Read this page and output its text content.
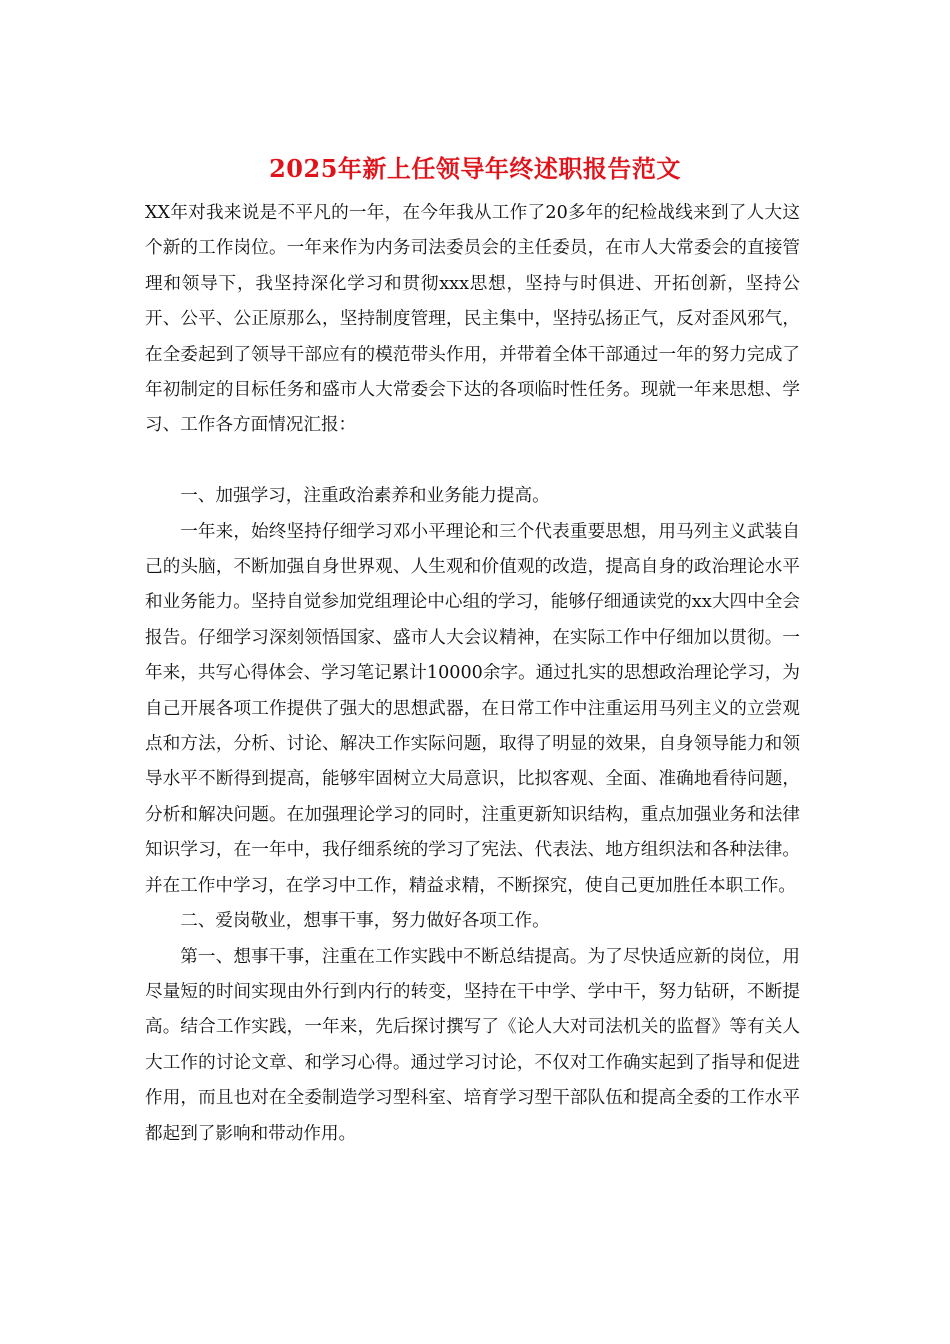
2025年新上任领导年终述职报告范文

XX年对我来说是不平凡的一年，在今年我从工作了20多年的纪检战线来到了人大这个新的工作岗位。一年来作为内务司法委员会的主任委员，在市人大常委会的直接管理和领导下，我坚持深化学习和贯彻xxx思想，坚持与时俱进、开拓创新，坚持公开、公平、公正原那么，坚持制度管理，民主集中，坚持弘扬正气，反对歪风邪气，在全委起到了领导干部应有的模范带头作用，并带着全体干部通过一年的努力完成了年初制定的目标任务和盛市人大常委会下达的各项临时性任务。现就一年来思想、学习、工作各方面情况汇报：

一、加强学习，注重政治素养和业务能力提高。

一年来，始终坚持仔细学习邓小平理论和三个代表重要思想，用马列主义武装自己的头脑，不断加强自身世界观、人生观和价值观的改造，提高自身的政治理论水平和业务能力。坚持自觉参加党组理论中心组的学习，能够仔细通读党的xx大四中全会报告。仔细学习深刻领悟国家、盛市人大会议精神，在实际工作中仔细加以贯彻。一年来，共写心得体会、学习笔记累计10000余字。通过扎实的思想政治理论学习，为自己开展各项工作提供了强大的思想武器，在日常工作中注重运用马列主义的立尝观点和方法，分析、讨论、解决工作实际问题，取得了明显的效果，自身领导能力和领导水平不断得到提高，能够牢固树立大局意识，比拟客观、全面、准确地看待问题，分析和解决问题。在加强理论学习的同时，注重更新知识结构，重点加强业务和法律知识学习，在一年中，我仔细系统的学习了宪法、代表法、地方组织法和各种法律。并在工作中学习，在学习中工作，精益求精，不断探究，使自己更加胜任本职工作。

二、爱岗敬业，想事干事，努力做好各项工作。

第一、想事干事，注重在工作实践中不断总结提高。为了尽快适应新的岗位，用尽量短的时间实现由外行到内行的转变，坚持在干中学、学中干，努力钻研，不断提高。结合工作实践，一年来，先后探讨撰写了《论人大对司法机关的监督》等有关人大工作的讨论文章、和学习心得。通过学习讨论，不仅对工作确实起到了指导和促进作用，而且也对在全委制造学习型科室、培育学习型干部队伍和提高全委的工作水平都起到了影响和带动作用。
